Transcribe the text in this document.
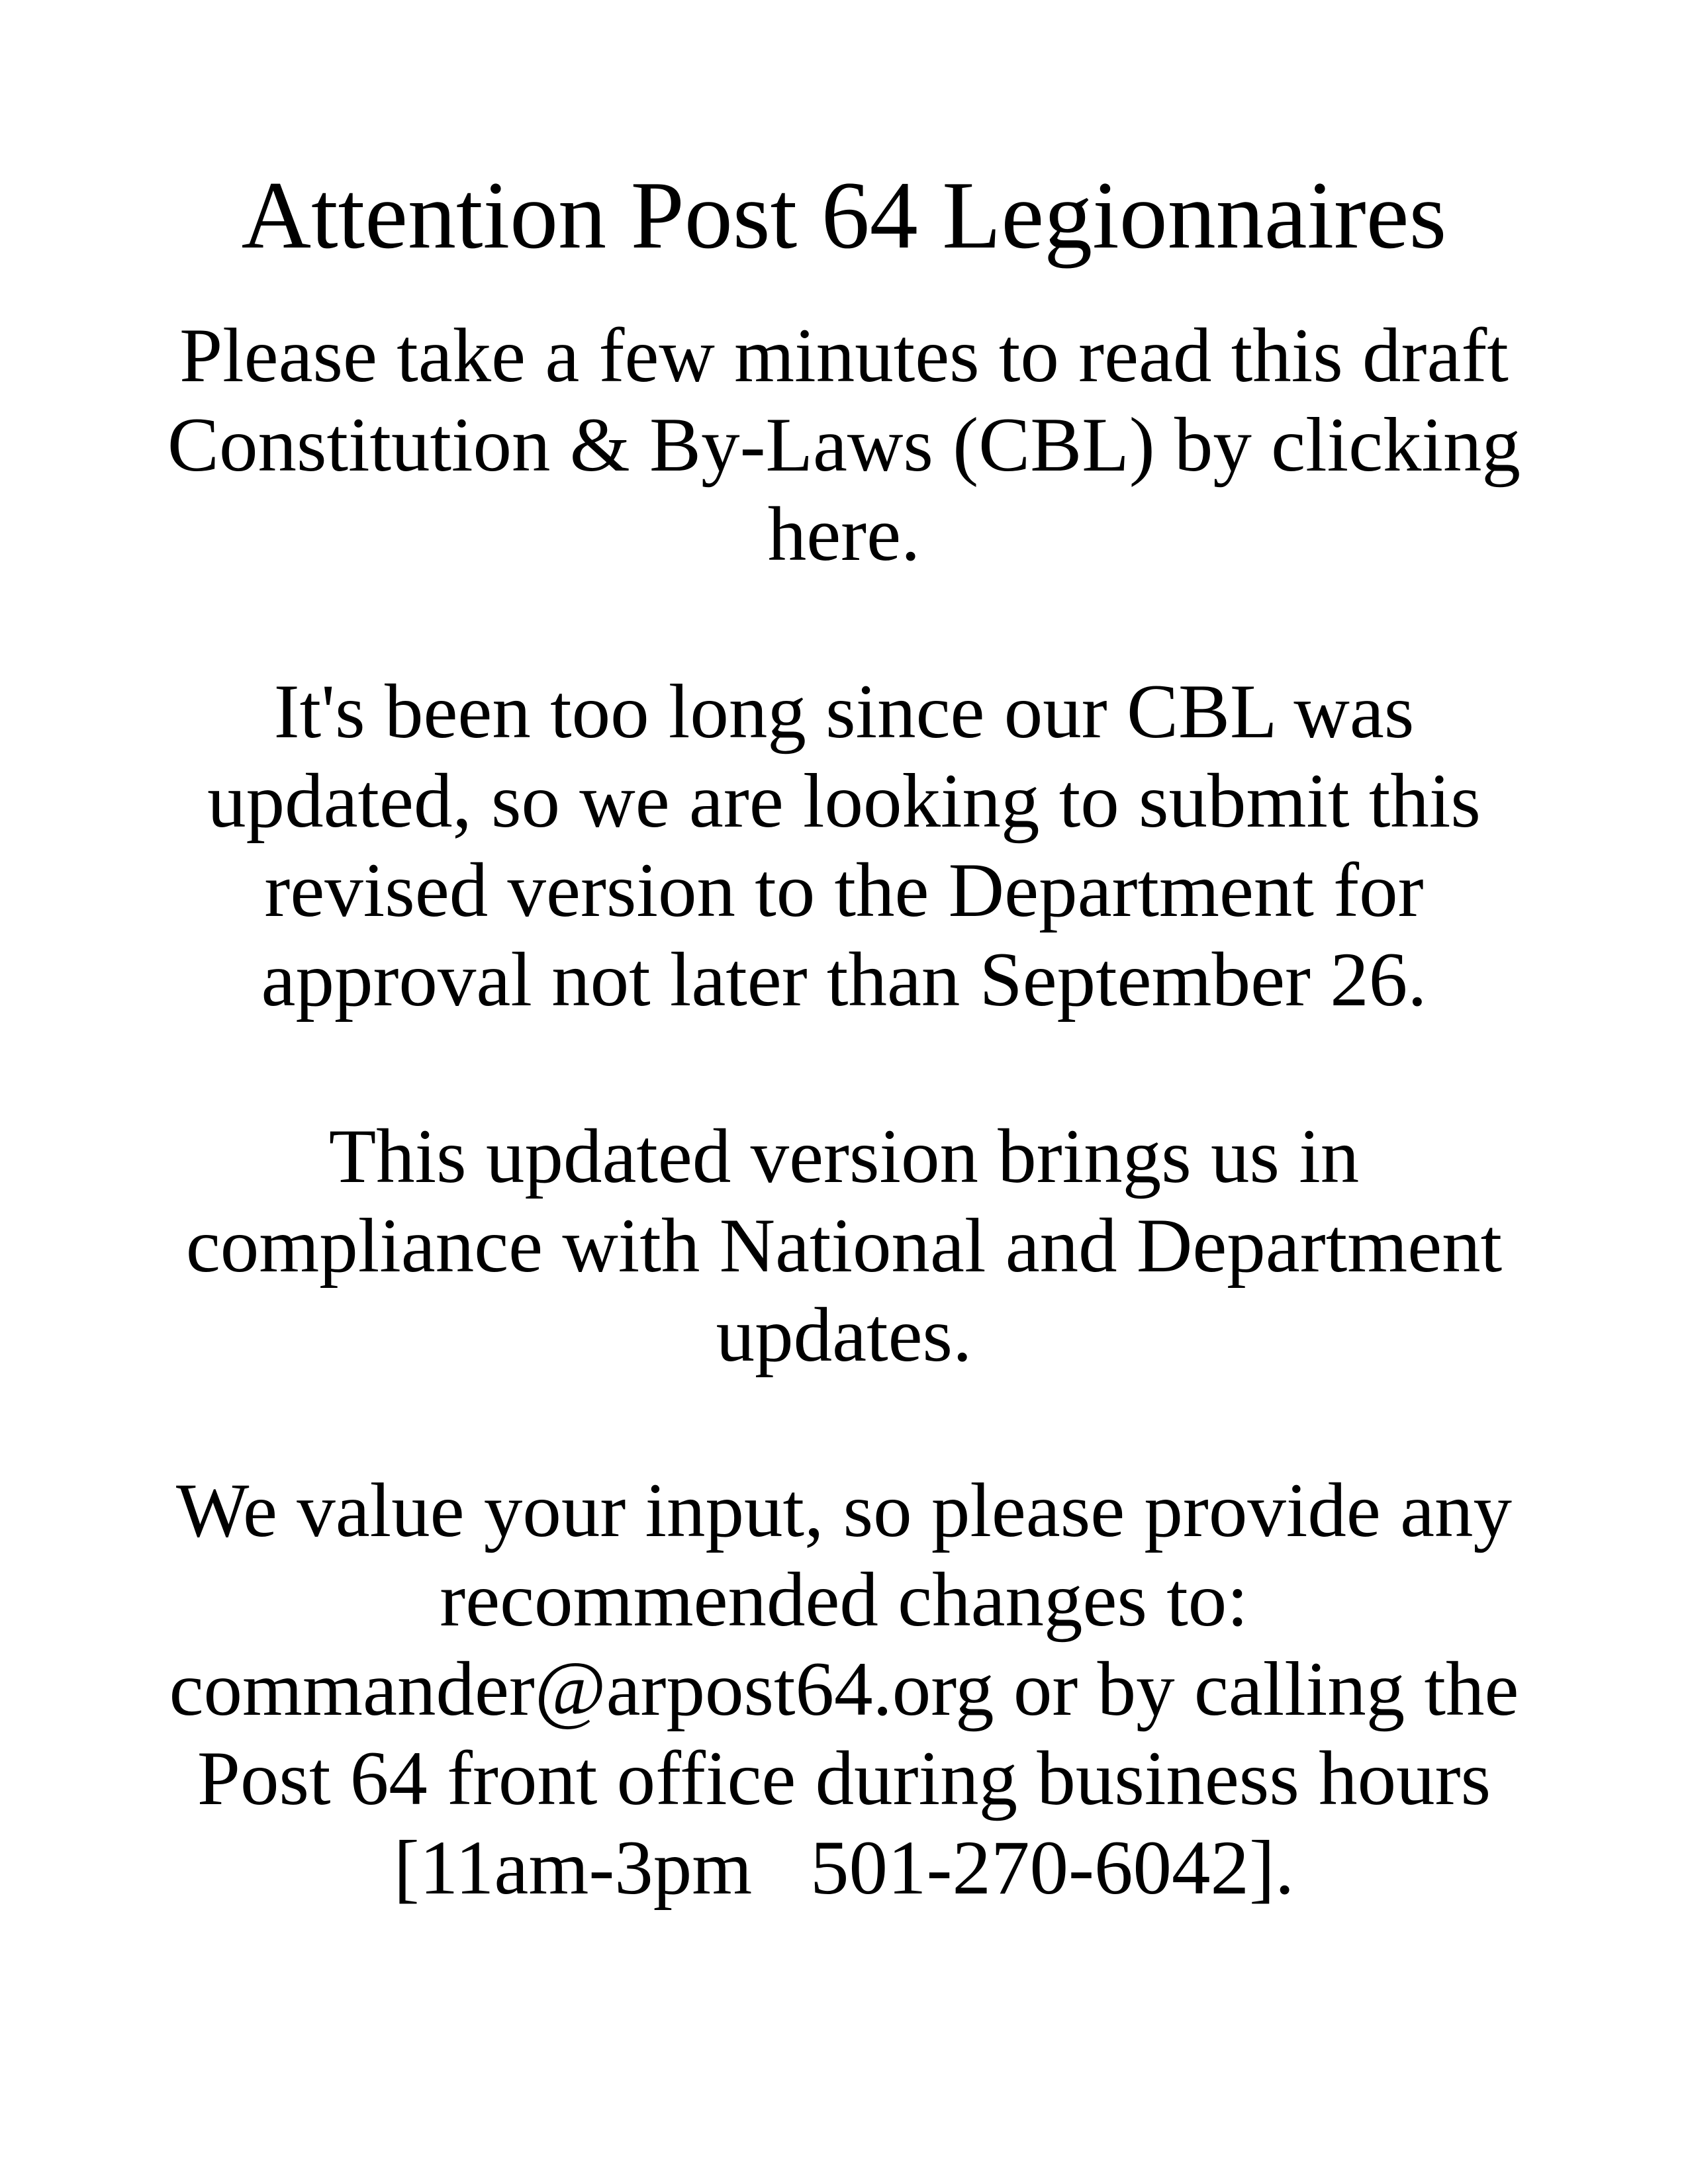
Attention Post 64 Legionnaires

Please take a few minutes to read this draft
Constitution & By-Laws (CBL) by clicking
here.

It's been too long since our CBL was
updated, so we are looking to submit this
revised version to the Department for
approval not later than September 26.

This updated version brings us in
compliance with National and Department
updates.

We value your input, so please provide any
recommended changes to:
commander@arpost64.org or by calling the
Post 64 front office during business hours
[11am-3pm   501-270-6042].
